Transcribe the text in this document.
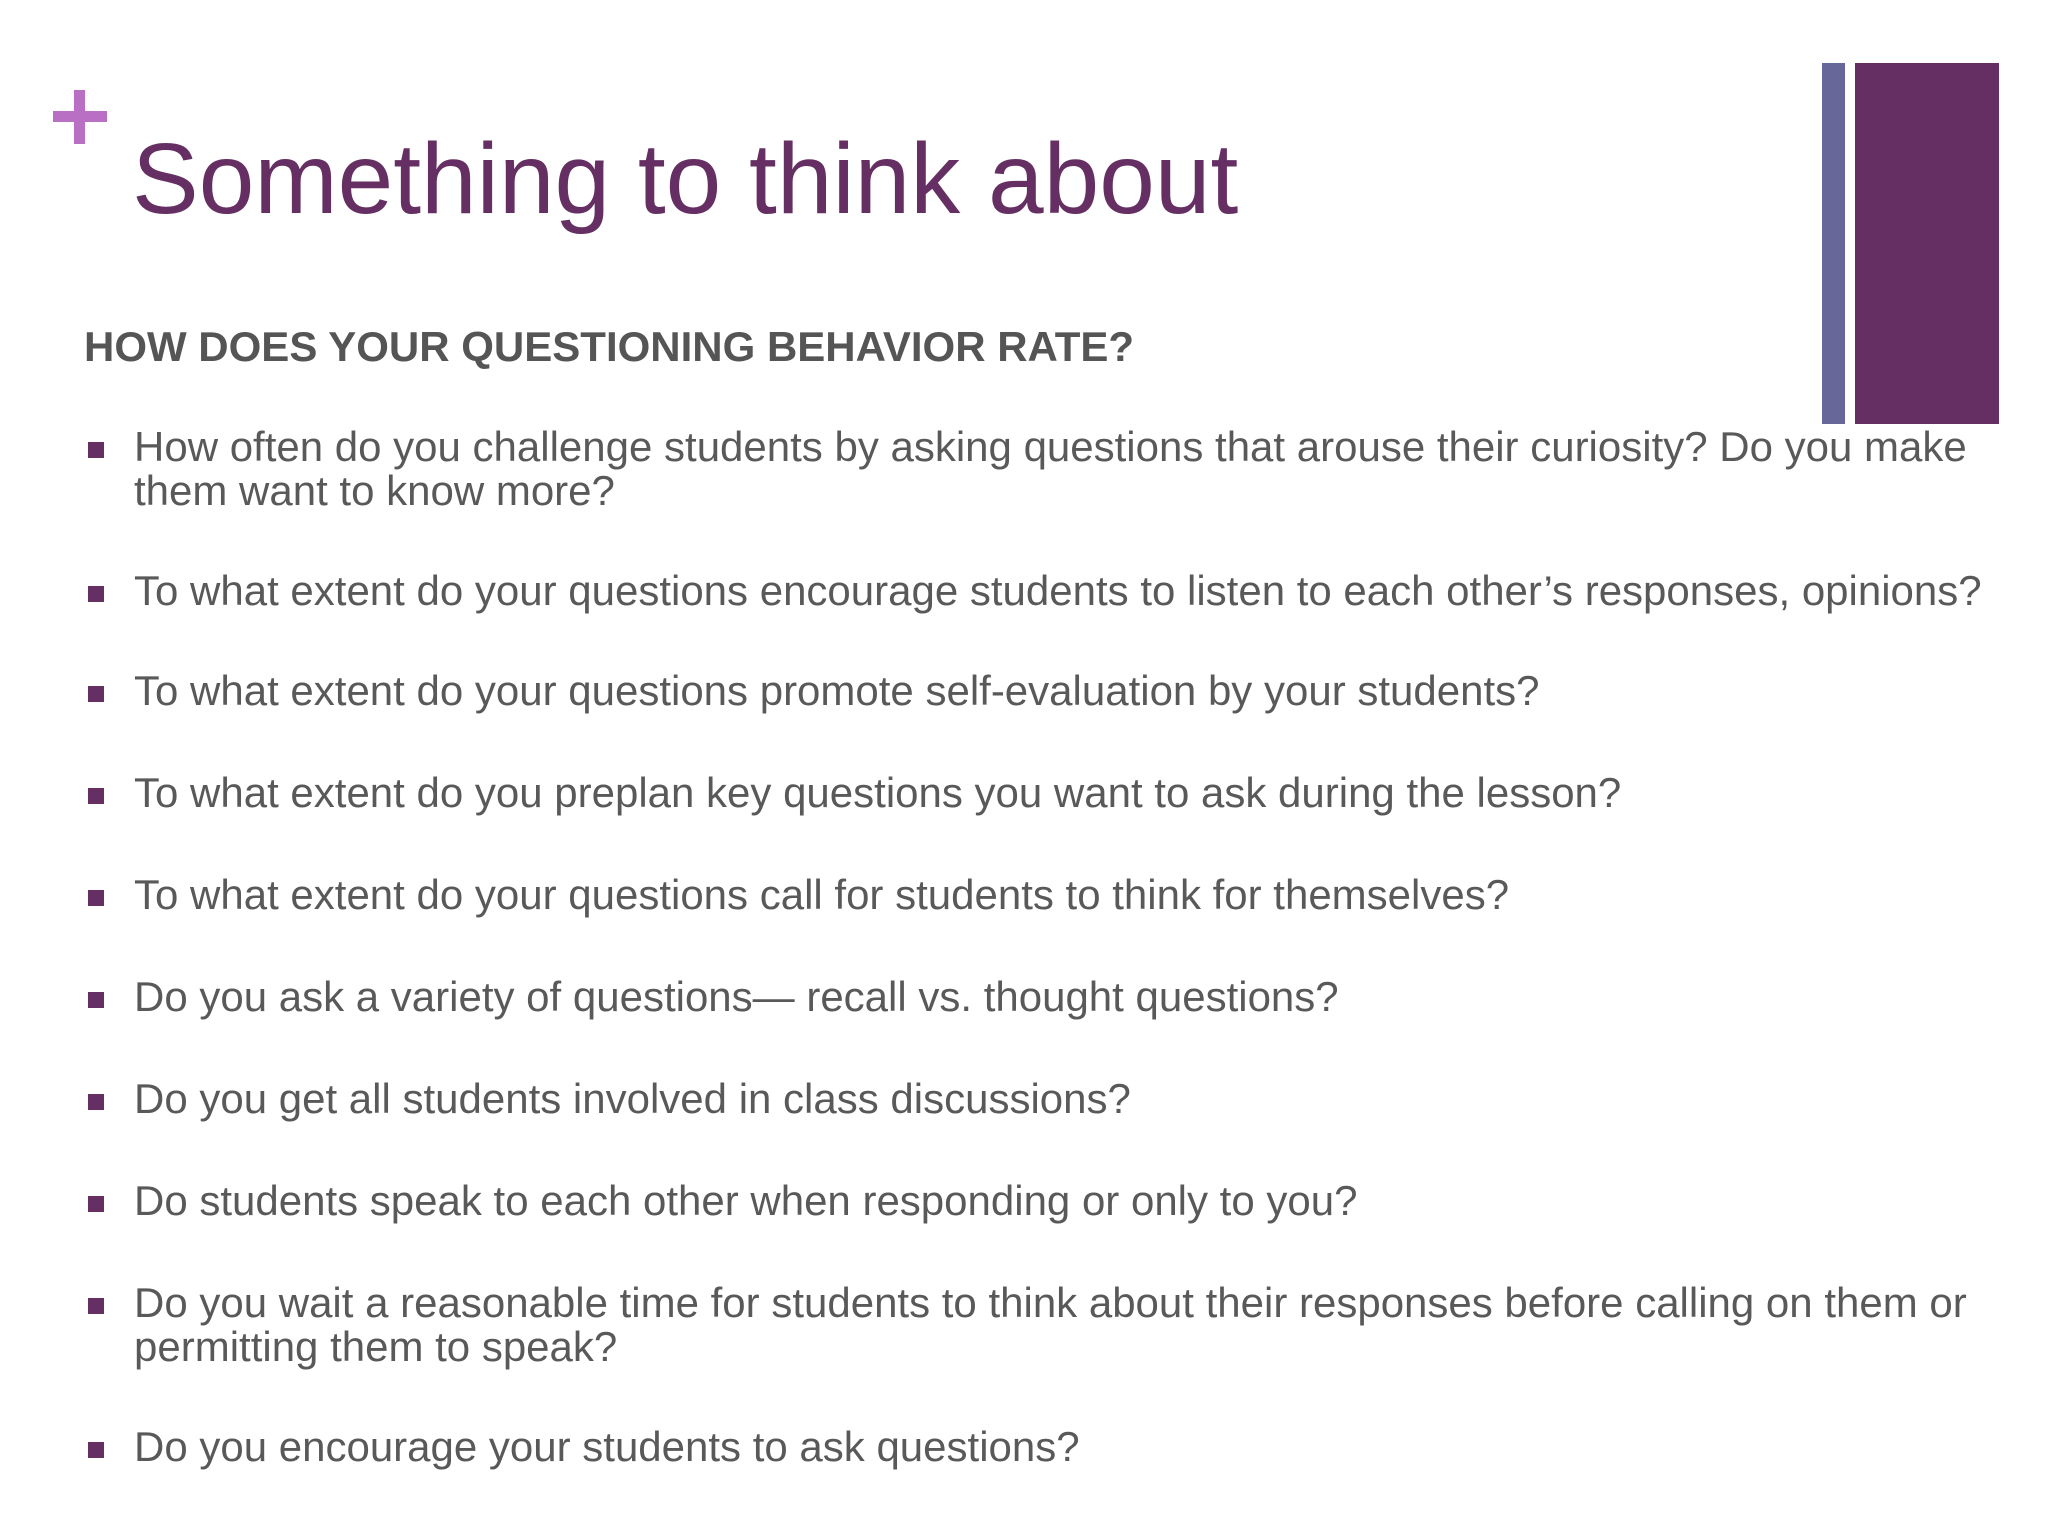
Something to think about
HOW DOES YOUR QUESTIONING BEHAVIOR RATE?
How often do you challenge students by asking questions that arouse their curiosity? Do you make them want to know more?
To what extent do your questions encourage students to listen to each other’s responses, opinions?
To what extent do your questions promote self-evaluation by your students?
To what extent do you preplan key questions you want to ask during the lesson?
To what extent do your questions call for students to think for themselves?
Do you ask a variety of questions— recall vs. thought questions?
Do you get all students involved in class discussions?
Do students speak to each other when responding or only to you?
Do you wait a reasonable time for students to think about their responses before calling on them or permitting them to speak?
Do you encourage your students to ask questions?
